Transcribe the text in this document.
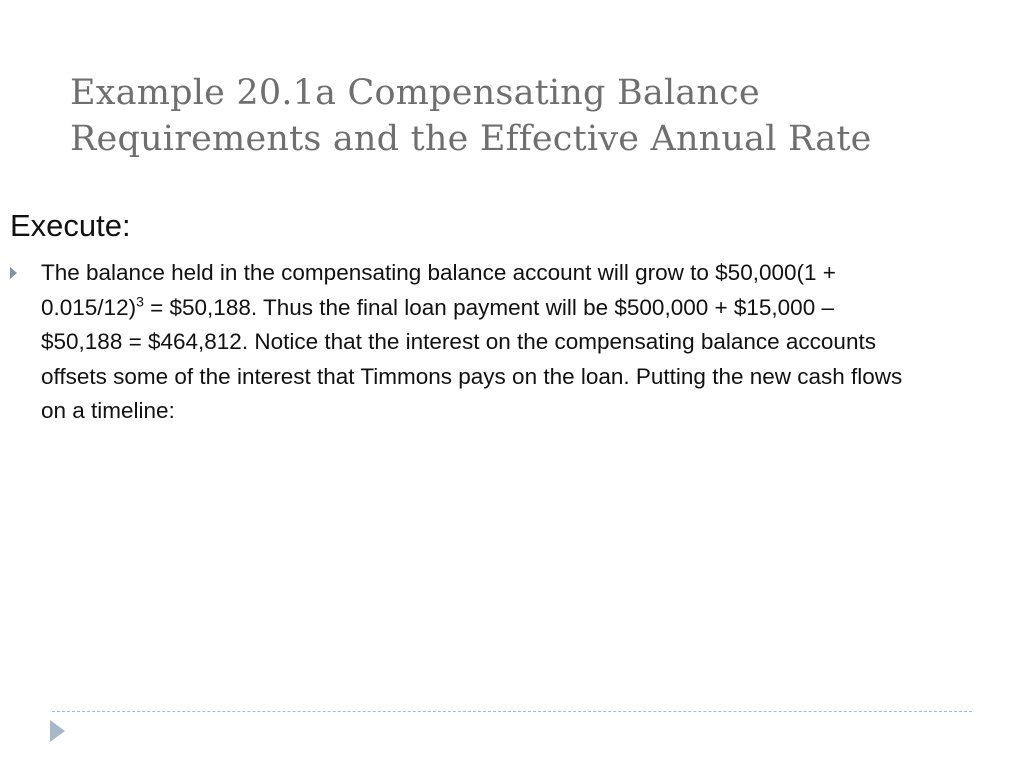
Example 20.1a Compensating Balance Requirements and the Effective Annual Rate
Execute:

The balance held in the compensating balance account will grow to $50,000(1 + 0.015/12)$^3$ = $50,188. Thus the final loan payment will be $500,000 + $15,000 – $50,188 = $464,812. Notice that the interest on the compensating balance accounts offsets some of the interest that Timmons pays on the loan. Putting the new cash flows on a timeline:
